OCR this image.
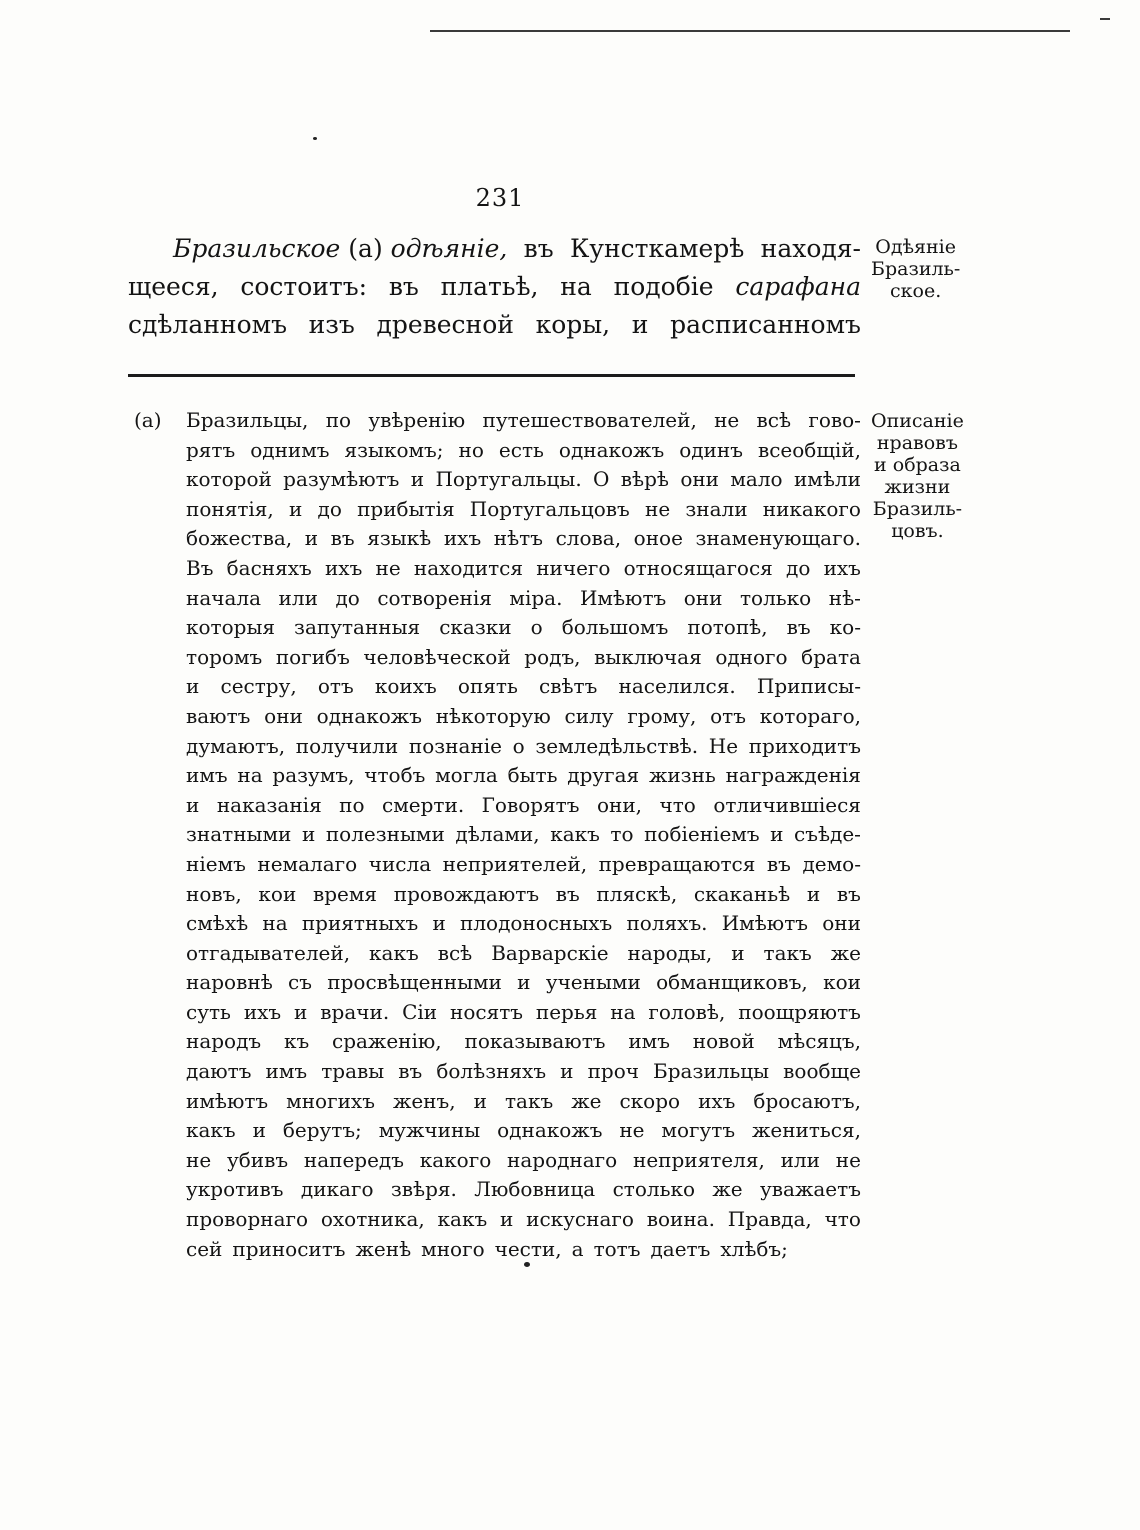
231
Бразильское (а) одѣяніе, въ Кунсткамерѣ находя-
щееся, состоитъ: въ платьѣ, на подобіе сарафана
сдѣланномъ изъ древесной коры, и расписанномъ
Одѣяніе
Бразиль-
ское.
Описаніе
нравовъ
и образа
жизни
Бразиль-
цовъ.
(а) Бразильцы, по увѣренію путешествователей, не всѣ гово-
рятъ однимъ языкомъ; но есть однакожъ одинъ всеобщій,
которой разумѣютъ и Португальцы. О вѣрѣ они мало имѣли
понятія, и до прибытія Португальцовъ не знали никакого
божества, и въ языкѣ ихъ нѣтъ слова, оное знаменующаго.
Въ басняхъ ихъ не находится ничего относящагося до ихъ
начала или до сотворенія міра. Имѣютъ они только нѣ-
которыя запутанныя сказки о большомъ потопѣ, въ ко-
торомъ погибъ человѣческой родъ, выключая одного брата
и сестру, отъ коихъ опять свѣтъ населился. Приписы-
ваютъ они однакожъ нѣкоторую силу грому, отъ котораго,
думаютъ, получили познаніе о земледѣльствѣ. Не приходитъ
имъ на разумъ, чтобъ могла быть другая жизнь награжденія
и наказанія по смерти. Говорятъ они, что отличившіеся
знатными и полезными дѣлами, какъ то побіеніемъ и съѣде-
ніемъ немалаго числа неприятелей, превращаются въ демо-
новъ, кои время провождаютъ въ пляскѣ, скаканьѣ и въ
смѣхѣ на приятныхъ и плодоносныхъ поляхъ. Имѣютъ они
отгадывателей, какъ всѣ Варварскіе народы, и такъ же
наровнѣ съ просвѣщенными и учеными обманщиковъ, кои
суть ихъ и врачи. Сіи носятъ перья на головѣ, поощряютъ
народъ къ сраженію, показываютъ имъ новой мѣсяцъ,
даютъ имъ травы въ болѣзняхъ и проч Бразильцы вообще
имѣютъ многихъ женъ, и такъ же скоро ихъ бросаютъ,
какъ и берутъ; мужчины однакожъ не могутъ жениться,
не убивъ напередъ какого народнаго неприятеля, или не
укротивъ дикаго звѣря. Любовница столько же уважаетъ
проворнаго охотника, какъ и искуснаго воина. Правда, что
сей приноситъ женѣ много чести, а тотъ даетъ хлѣбъ;
